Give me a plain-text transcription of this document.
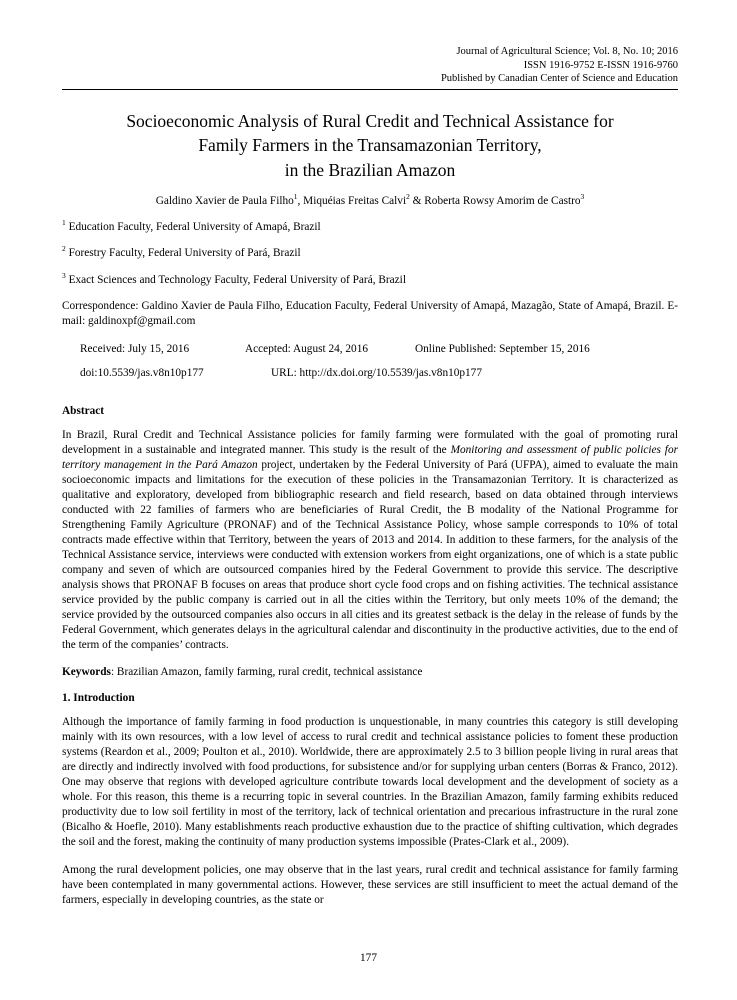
Journal of Agricultural Science; Vol. 8, No. 10; 2016
ISSN 1916-9752 E-ISSN 1916-9760
Published by Canadian Center of Science and Education
Socioeconomic Analysis of Rural Credit and Technical Assistance for
Family Farmers in the Transamazonian Territory,
in the Brazilian Amazon

Galdino Xavier de Paula Filho$^1$, Miquéias Freitas Calvi$^2$ & Roberta Rowsy Amorim de Castro$^3$

$^1$ Education Faculty, Federal University of Amapá, Brazil

$^2$ Forestry Faculty, Federal University of Pará, Brazil

$^3$ Exact Sciences and Technology Faculty, Federal University of Pará, Brazil

Correspondence: Galdino Xavier de Paula Filho, Education Faculty, Federal University of Amapá, Mazagão, State of Amapá, Brazil. E-mail: galdinoxpf@gmail.com

Received: July 15, 2016	Accepted: August 24, 2016	Online Published: September 15, 2016
doi:10.5539/jas.v8n10p177	URL: http://dx.doi.org/10.5539/jas.v8n10p177
Abstract

In Brazil, Rural Credit and Technical Assistance policies for family farming were formulated with the goal of promoting rural development in a sustainable and integrated manner. This study is the result of the Monitoring and assessment of public policies for territory management in the Pará Amazon project, undertaken by the Federal University of Pará (UFPA), aimed to evaluate the main socioeconomic impacts and limitations for the execution of these policies in the Transamazonian Territory. It is characterized as qualitative and exploratory, developed from bibliographic research and field research, based on data obtained through interviews conducted with 22 families of farmers who are beneficiaries of Rural Credit, the B modality of the National Programme for Strengthening Family Agriculture (PRONAF) and of the Technical Assistance Policy, whose sample corresponds to 10% of total contracts made effective within that Territory, between the years of 2013 and 2014. In addition to these farmers, for the analysis of the Technical Assistance service, interviews were conducted with extension workers from eight organizations, one of which is a state public company and seven of which are outsourced companies hired by the Federal Government to provide this service. The descriptive analysis shows that PRONAF B focuses on areas that produce short cycle food crops and on fishing activities. The technical assistance service provided by the public company is carried out in all the cities within the Territory, but only meets 10% of the demand; the service provided by the outsourced companies also occurs in all cities and its greatest setback is the delay in the release of funds by the Federal Government, which generates delays in the agricultural calendar and discontinuity in the productive activities, due to the end of the term of the companies’ contracts.

Keywords: Brazilian Amazon, family farming, rural credit, technical assistance

1. Introduction

Although the importance of family farming in food production is unquestionable, in many countries this category is still developing mainly with its own resources, with a low level of access to rural credit and technical assistance policies to foment these production systems (Reardon et al., 2009; Poulton et al., 2010). Worldwide, there are approximately 2.5 to 3 billion people living in rural areas that are directly and indirectly involved with food productions, for subsistence and/or for supplying urban centers (Borras & Franco, 2012). One may observe that regions with developed agriculture contribute towards local development and the development of society as a whole. For this reason, this theme is a recurring topic in several countries. In the Brazilian Amazon, family farming exhibits reduced productivity due to low soil fertility in most of the territory, lack of technical orientation and precarious infrastructure in the rural zone (Bicalho & Hoefle, 2010). Many establishments reach productive exhaustion due to the practice of shifting cultivation, which degrades the soil and the forest, making the continuity of many production systems impossible (Prates-Clark et al., 2009).

Among the rural development policies, one may observe that in the last years, rural credit and technical assistance for family farming have been contemplated in many governmental actions. However, these services are still insufficient to meet the actual demand of the farmers, especially in developing countries, as the state or

177
